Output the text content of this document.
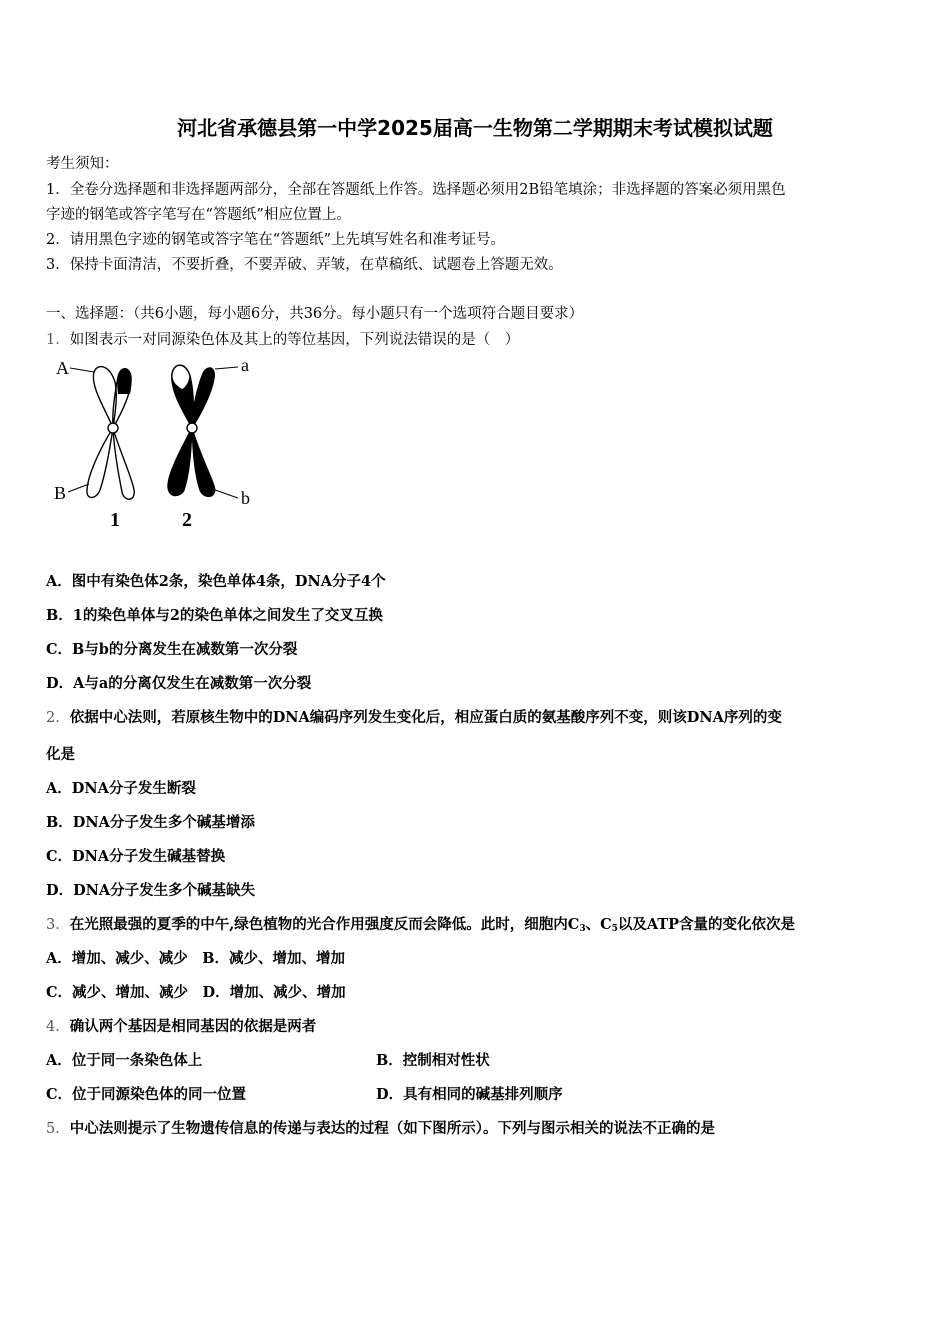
河北省承德县第一中学2025届高一生物第二学期期末考试模拟试题
考生须知：
1．全卷分选择题和非选择题两部分，全部在答题纸上作答。选择题必须用2B铅笔填涂；非选择题的答案必须用黑色
字迹的钢笔或答字笔写在“答题纸”相应位置上。
2．请用黑色字迹的钢笔或答字笔在“答题纸”上先填写姓名和准考证号。
3．保持卡面清洁，不要折叠，不要弄破、弄皱，在草稿纸、试题卷上答题无效。
一、选择题：（共6小题，每小题6分，共36分。每小题只有一个选项符合题目要求）
1．如图表示一对同源染色体及其上的等位基因，下列说法错误的是（　）
A
B
a
b
1	2
A．图中有染色体2条，染色单体4条，DNA分子4个
B．1的染色单体与2的染色单体之间发生了交叉互换
C．B与b的分离发生在减数第一次分裂
D．A与a的分离仅发生在减数第一次分裂
2．依据中心法则，若原核生物中的DNA编码序列发生变化后，相应蛋白质的氨基酸序列不变，则该DNA序列的变
化是
A．DNA分子发生断裂
B．DNA分子发生多个碱基增添
C．DNA分子发生碱基替换
D．DNA分子发生多个碱基缺失
3．在光照最强的夏季的中午,绿色植物的光合作用强度反而会降低。此时，细胞内$C_3$、$C_5$以及ATP含量的变化依次是
A．增加、减少、减少　B．减少、增加、增加
C．减少、增加、减少　D．增加、减少、增加
4．确认两个基因是相同基因的依据是两者
A．位于同一条染色体上	B．控制相对性状
C．位于同源染色体的同一位置	D．具有相同的碱基排列顺序
5．中心法则提示了生物遗传信息的传递与表达的过程（如下图所示）。下列与图示相关的说法不正确的是
